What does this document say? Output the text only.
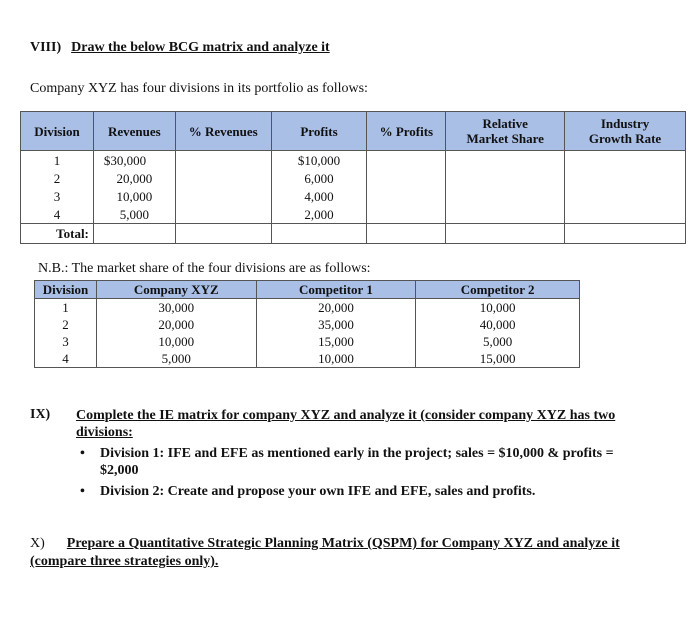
VIII) Draw the below BCG matrix and analyze it
Company XYZ has four divisions in its portfolio as follows:
Division	Revenues	% Revenues	Profits	% Profits	Relative Market Share	Industry Growth Rate
1	$30,000		$10,000			
2	20,000		6,000			
3	10,000		4,000			
4	5,000		2,000			
Total:						
N.B.: The market share of the four divisions are as follows:
Division	Company XYZ	Competitor 1	Competitor 2
1	30,000	20,000	10,000
2	20,000	35,000	40,000
3	10,000	15,000	5,000
4	5,000	10,000	15,000
IX) Complete the IE matrix for company XYZ and analyze it (consider company XYZ has two divisions:
• Division 1: IFE and EFE as mentioned early in the project; sales = $10,000 & profits = $2,000
• Division 2: Create and propose your own IFE and EFE, sales and profits.
X) Prepare a Quantitative Strategic Planning Matrix (QSPM) for Company XYZ and analyze it (compare three strategies only).
